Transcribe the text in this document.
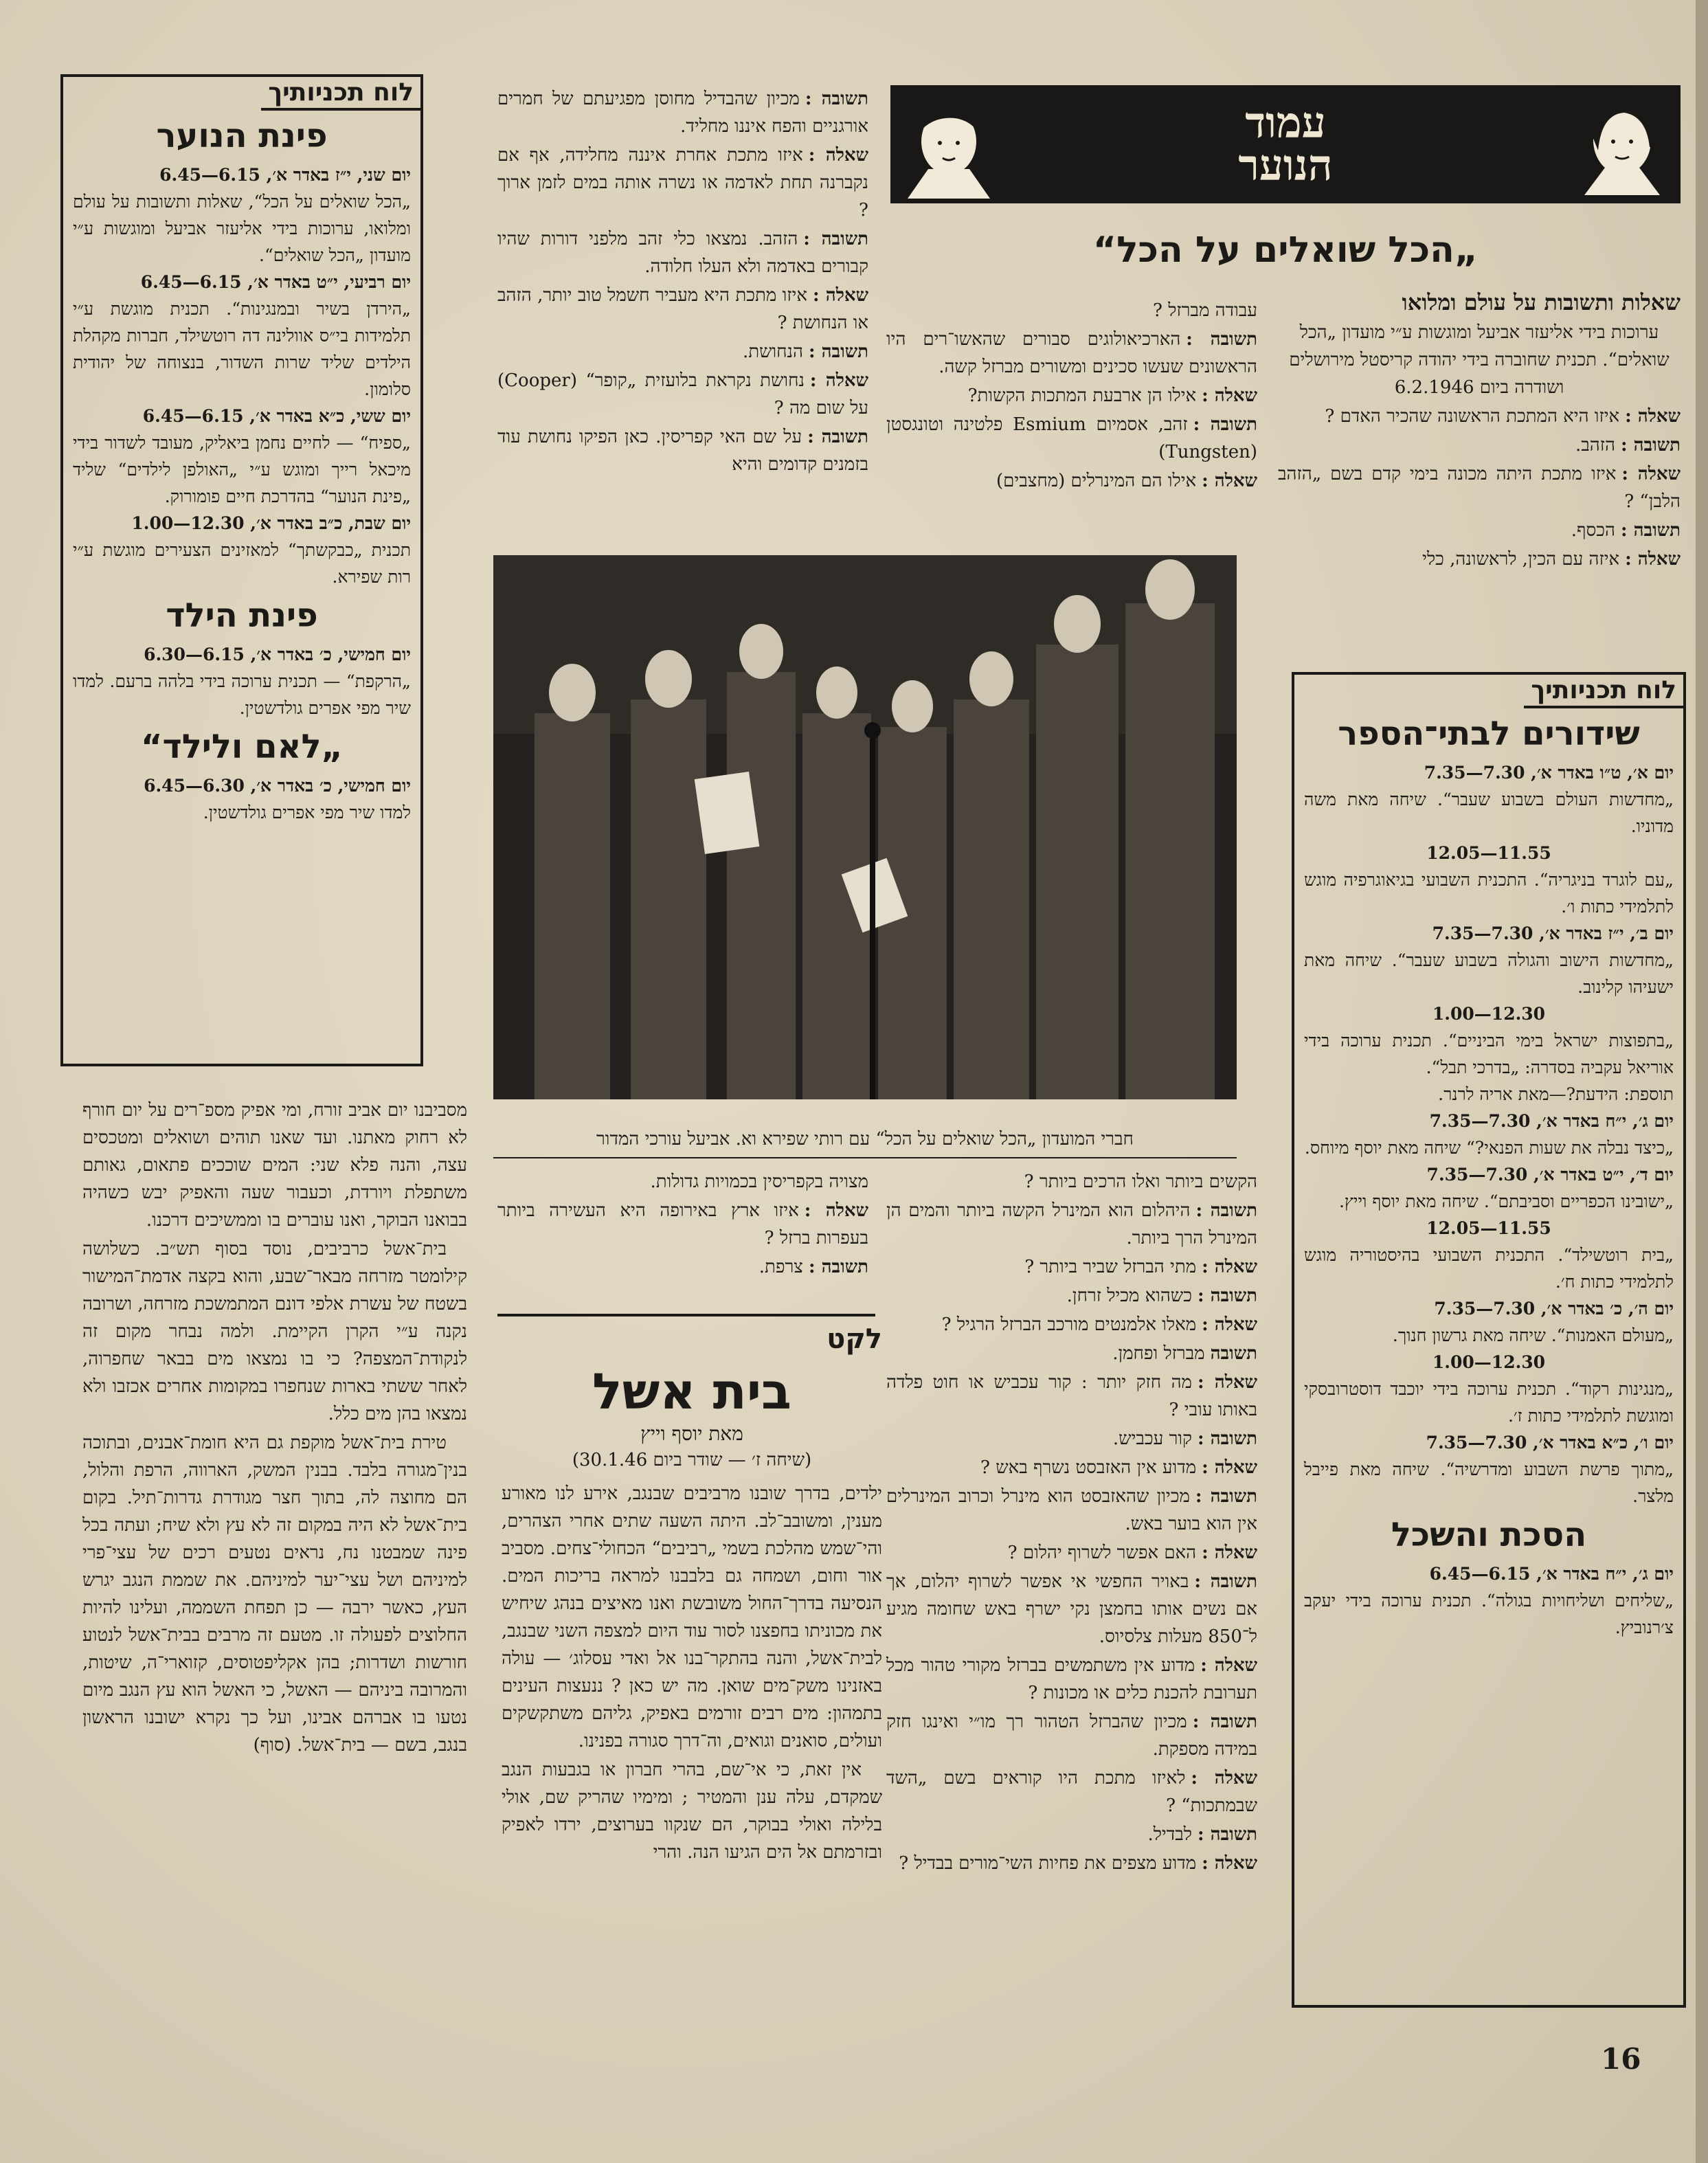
עמוד
הנוער
„הכל שואלים על הכל“

שאלות ותשובות על עולם ומלואו

ערוכות בידי אליעזר אביעל ומוגשות ע״י מועדון „הכל שואלים“. תכנית שחוברה בידי יהודה קריסטל מירושלים ושודרה ביום 6.2.1946

שאלה :איזו היא המתכת הראשונה שהכיר האדם ?

תשובה :הזהב.

שאלה :איזו מתכת היתה מכונה בימי קדם בשם „הזהב הלבן“ ?

תשובה :הכסף.

שאלה :איזה עם הכין, לראשונה, כלי

עבודה מברזל ?

תשובה :הארכיאולוגים סבורים שהאשו־רים היו הראשונים שעשו סכינים ומשורים מברזל קשה.

שאלה :אילו הן ארבעת המתכות הקשות?

תשובה :זהב, אסמיום Esmium פלטינה וטונגסטן (Tungsten)

שאלה :אילו הם המינרלים (מחצבים)

תשובה :מכיון שהבדיל מחוסן מפגיעתם של חמרים אורגניים והפח איננו מחליד.

שאלה :איזו מתכת אחרת איננה מחלידה, אף אם נקברנה תחת לאדמה או נשרה אותה במים לזמן ארוך ?

תשובה :הזהב. נמצאו כלי זהב מלפני דורות שהיו קבורים באדמה ולא העלו חלודה.

שאלה :איזו מתכת היא מעביר חשמל טוב יותר, הזהב או הנחושת ?

תשובה :הנחושת.

שאלה :נחושת נקראת בלועזית „קופר“ (Cooper) על שום מה ?

תשובה :על שם האי קפריסין. כאן הפיקו נחושת עוד בזמנים קדומים והיא

חברי המועדון „הכל שואלים על הכל“ עם רותי שפירא וא. אביעל עורכי המדור

הקשים ביותר ואלו הרכים ביותר ?

תשובה :היהלום הוא המינרל הקשה ביותר והמים הן המינרל הרך ביותר.

שאלה :מתי הברזל שביר ביותר ?

תשובה :כשהוא מכיל זרחן.

שאלה :מאלו אלמנטים מורכב הברזל הרגיל ?

תשובהמברזל ופחמן.

שאלה :מה חזק יותר : קור עכביש או חוט פלדה באותו עובי ?

תשובה :קור עכביש.

שאלה :מדוע אין האזבסט נשרף באש ?

תשובה :מכיון שהאזבסט הוא מינרל וכרוב המינרלים אין הוא בוער באש.

שאלה :האם אפשר לשרוף יהלום ?

תשובה :באויר החפשי אי אפשר לשרוף יהלום, אך אם נשים אותו בחמצן נקי ישרף באש שחומה מגיע ל־850 מעלות צלסיוס.

שאלה :מדוע אין משתמשים בברזל מקורי טהור מכל תערובת להכנת כלים או מכונות ?

תשובה :מכיון שהברזל הטהור רך מו״י ואינגו חזק במידה מספקת.

שאלה :לאיזו מתכת היו קוראים בשם „השד שבמתכות“ ?

תשובה :לבדיל.

שאלה :מדוע מצפים את פחיות השי־מורים בבדיל ?

מצויה בקפריסין בכמויות גדולות.

שאלה :איזו ארץ באירופה היא העשירה ביותר בעפרות ברזל ?

תשובה :צרפת.

לקט
בית אשל
מאת יוסף וייץ
(שיחה ז׳ — שודר ביום 30.1.46)

ילדים, בדרך שובנו מרביבים שבנגב, אירע לנו מאורע מענין, ומשובב־לב. היתה השעה שתים אחרי הצהרים, והי־שמש מהלכת בשמי „רביבים“ הכחולי־צחים. מסביב אור וחום, ושמחה גם בלבבנו למראה בריכות המים. הנסיעה בדרך־החול משובשת ואנו מאיצים בנהג שיחיש את מכוניתו בחפצנו לסור עוד היום למצפה השני שבנגב, לבית־אשל, והנה בהתקר־בנו אל ואדי עסלוג׳ — עולה באזנינו משק־מים שואן. מה יש כאן ? ננעצות העינים בתמהון: מים רבים זורמים באפיק, גליהם משתקשקים ועולים, סואנים וגואים, וה־דרך סגורה בפנינו.

אין זאת, כי אי־שם, בהרי חברון או בגבעות הנגב שמקדם, עלה ענן והמטיר ; ומימיו שהריק שם, אולי בלילה ואולי בבוקר, הם שנקוו בערוצים, ירדו לאפיק ובזרמתם אל הים הגיעו הנה. והרי

מסביבנו יום אביב זורח, ומי אפיק מספ־רים על יום חורף לא רחוק מאתנו. ועד שאנו תוהים ושואלים ומטכסים עצה, והנה פלא שני: המים שוככים פתאום, גאותם משתפלת ויורדת, וכעבור שעה והאפיק יבש כשהיה בבואנו הבוקר, ואנו עוברים בו וממשיכים דרכנו.

בית־אשל כרביבים, נוסד בסוף תש״ב. כשלושה קילומטר מזרחה מבאר־שבע, והוא בקצה אדמת־המישור בשטח של עשרת אלפי דונם המתמשכת מזרחה, ושרובה נקנה ע״י הקרן הקיימת. ולמה נבחר מקום זה לנקודת־המצפה? כי בו נמצאו מים בבאר שחפרוה, לאחר ששתי בארות שנחפרו במקומות אחרים אכזבו ולא נמצאו בהן מים כלל.

טירת בית־אשל מוקפת גם היא חומת־אבנים, ובתוכה בנין־מגורה בלבד. בבנין המשק, הארווה, הרפת והלול, הם מחוצה לה, בתוך חצר מגודרת גדרות־תיל. בקום בית־אשל לא היה במקום זה לא עץ ולא שיח; ועתה בכל פינה שמבטנו נח, נראים נטעים רכים של עצי־פרי למיניהם ושל עצי־יער למיניהם. את שממת הנגב יגרש העץ, כאשר ירבה — כן תפחת השממה, ועלינו להיות החלוצים לפעולה זו. מטעם זה מרבים בבית־אשל לנטוע חורשות ושדרות; בהן אקליפטוסים, קזוארי־ה, שיטות, והמרובה ביניהם — האשל, כי האשל הוא עץ הנגב מיום נטעו בו אברהם אבינו, ועל כך נקרא ישובנו הראשון בנגב, בשם — בית־אשל. (סוף)

לוח תכניותיך
פינת הנוער
יום שני, י״ז באדר א׳, 6.15—6.45
„הכל שואלים על הכל“, שאלות ותשובות על עולם ומלואו, ערוכות בידי אליעזר אביעל ומוגשות ע״י מועדון „הכל שואלים“.
יום רביעי, י״ט באדר א׳, 6.15—6.45
„הירדן בשיר ובמנגינות“. תכנית מוגשת ע״י תלמידות בי״ס אוולינה דה רוטשילד, חברות מקהלת הילדים שליד שרות השדור, בנצוחה של יהודית סלומון.
יום ששי, כ״א באדר א׳, 6.15—6.45
„ספיח“ — לחיים נחמן ביאליק, מעובד לשדור בידי מיכאל רייך ומוגש ע״י „האולפן לילדים“ שליד „פינת הנוער“ בהדרכת חיים פומורוק.
יום שבת, כ״ב באדר א׳, 12.30—1.00
תכנית „כבקשתך“ למאזינים הצעירים מוגשת ע״י רות שפירא.
פינת הילד
יום חמישי, כ׳ באדר א׳, 6.15—6.30
„הרקפת“ — תכנית ערוכה בידי בלהה ברעם. למדו שיר מפי אפרים גולדשטין.
„לאם ולילד“
יום חמישי, כ׳ באדר א׳, 6.30—6.45
למדו שיר מפי אפרים גולדשטין.
לוח תכניותיך
שידורים לבתי־הספר
יום א׳, ט״ו באדר א׳, 7.30—7.35
„מחדשות העולם בשבוע שעבר“. שיחה מאת משה מדוניו.
11.55—12.05
„עם לוגרד בניגריה“. התכנית השבועי בגיאוגרפיה מוגש לתלמידי כתות ו׳.
יום ב׳, י״ז באדר א׳, 7.30—7.35
„מחדשות הישוב והגולה בשבוע שעבר“. שיחה מאת ישעיהו קלינוב.
12.30—1.00
„בתפוצות ישראל בימי הביניים“. תכנית ערוכה בידי אוריאל עקביה בסדרה: „בדרכי תבל“.
תוספת: הידעת?—מאת אריה לרנר.
יום ג׳, י״ח באדר א׳, 7.30—7.35
„כיצד נבלה את שעות הפנאי?“ שיחה מאת יוסף מיוחס.
יום ד׳, י״ט באדר א׳, 7.30—7.35
„ישובינו הכפריים וסביבתם“. שיחה מאת יוסף וייץ.
11.55—12.05
„בית רוטשילד“. התכנית השבועי בהיסטוריה מוגש לתלמידי כתות ח׳.
יום ה׳, כ׳ באדר א׳, 7.30—7.35
„מעולם האמנות“. שיחה מאת גרשון חנוך.
12.30—1.00
„מנגינות רקוד“. תכנית ערוכה בידי יוכבד דוסטרובסקי ומוגשת לתלמידי כתות ז׳.
יום ו׳, כ״א באדר א׳, 7.30—7.35
„מתוך פרשת השבוע ומדרשיה“. שיחה מאת פייבל מלצר.
הסכת והשכל
יום ג׳, י״ח באדר א׳, 6.15—6.45
„שליחים ושליחויות בגולה“. תכנית ערוכה בידי יעקב צ׳רנוביץ.
16
